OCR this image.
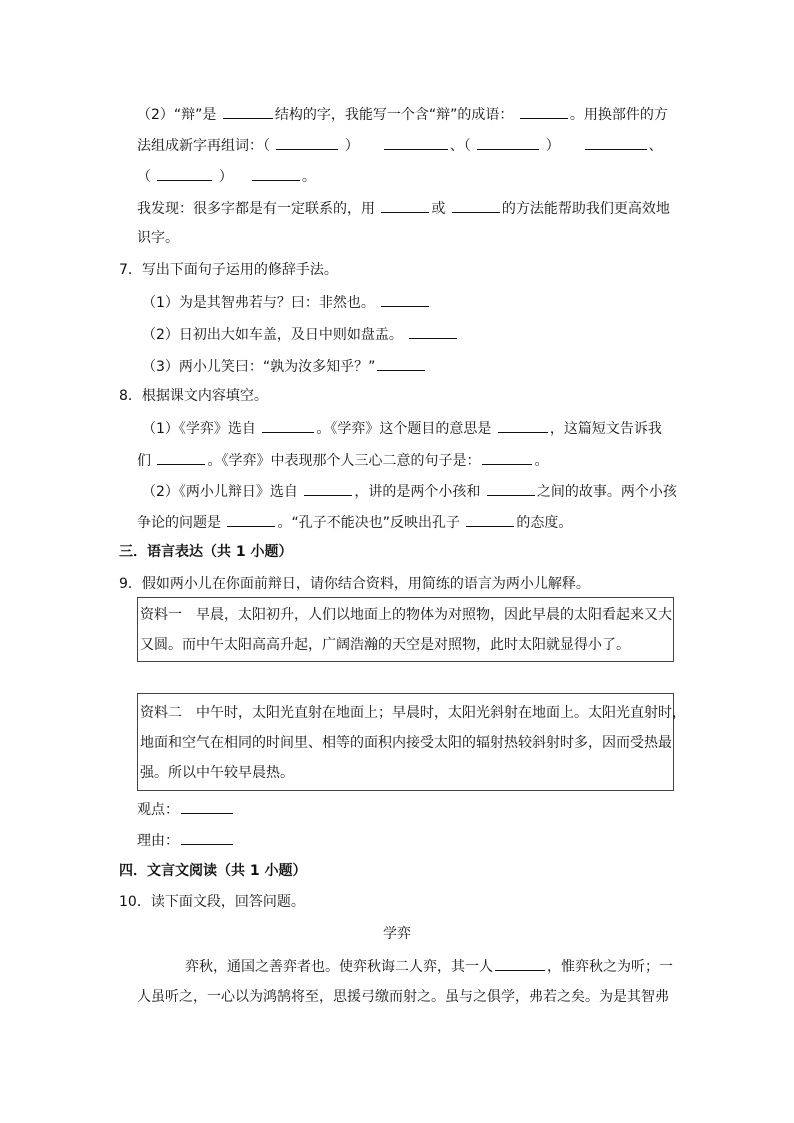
（2）“辩”是	结构的字，我能写一个含“辩”的成语：	。用换部件的方
法组成新字再组词：（	）	、（	）	、
（	）	。
我发现：很多字都是有一定联系的，用	或	的方法能帮助我们更高效地
识字。
7．写出下面句子运用的修辞手法。
（1）为是其智弗若与？曰：非然也。
（2）日初出大如车盖，及日中则如盘盂。
（3）两小儿笑曰：“孰为汝多知乎？”
8．根据课文内容填空。
（1）《学弈》选自	。《学弈》这个题目的意思是	，这篇短文告诉我
们	。《学弈》中表现那个人三心二意的句子是：	。
（2）《两小儿辩日》选自	，讲的是两个小孩和	之间的故事。两个小孩
争论的问题是	。“孔子不能决也”反映出孔子	的态度。
三．语言表达（共 1 小题）
9．假如两小儿在你面前辩日，请你结合资料，用简练的语言为两小儿解释。
资料一　早晨，太阳初升，人们以地面上的物体为对照物，因此早晨的太阳看起来又大
又圆。而中午太阳高高升起，广阔浩瀚的天空是对照物，此时太阳就显得小了。
资料二　中午时，太阳光直射在地面上；早晨时，太阳光斜射在地面上。太阳光直射时，
地面和空气在相同的时间里、相等的面积内接受太阳的辐射热较斜射时多，因而受热最
强。所以中午较早晨热。
观点：
理由：
四．文言文阅读（共 1 小题）
10．读下面文段，回答问题。
学弈
弈秋，通国之善弈者也。使弈秋诲二人弈，其一人	，惟弈秋之为听；一
人虽听之，一心以为鸿鹄将至，思援弓缴而射之。虽与之俱学，弗若之矣。为是其智弗
